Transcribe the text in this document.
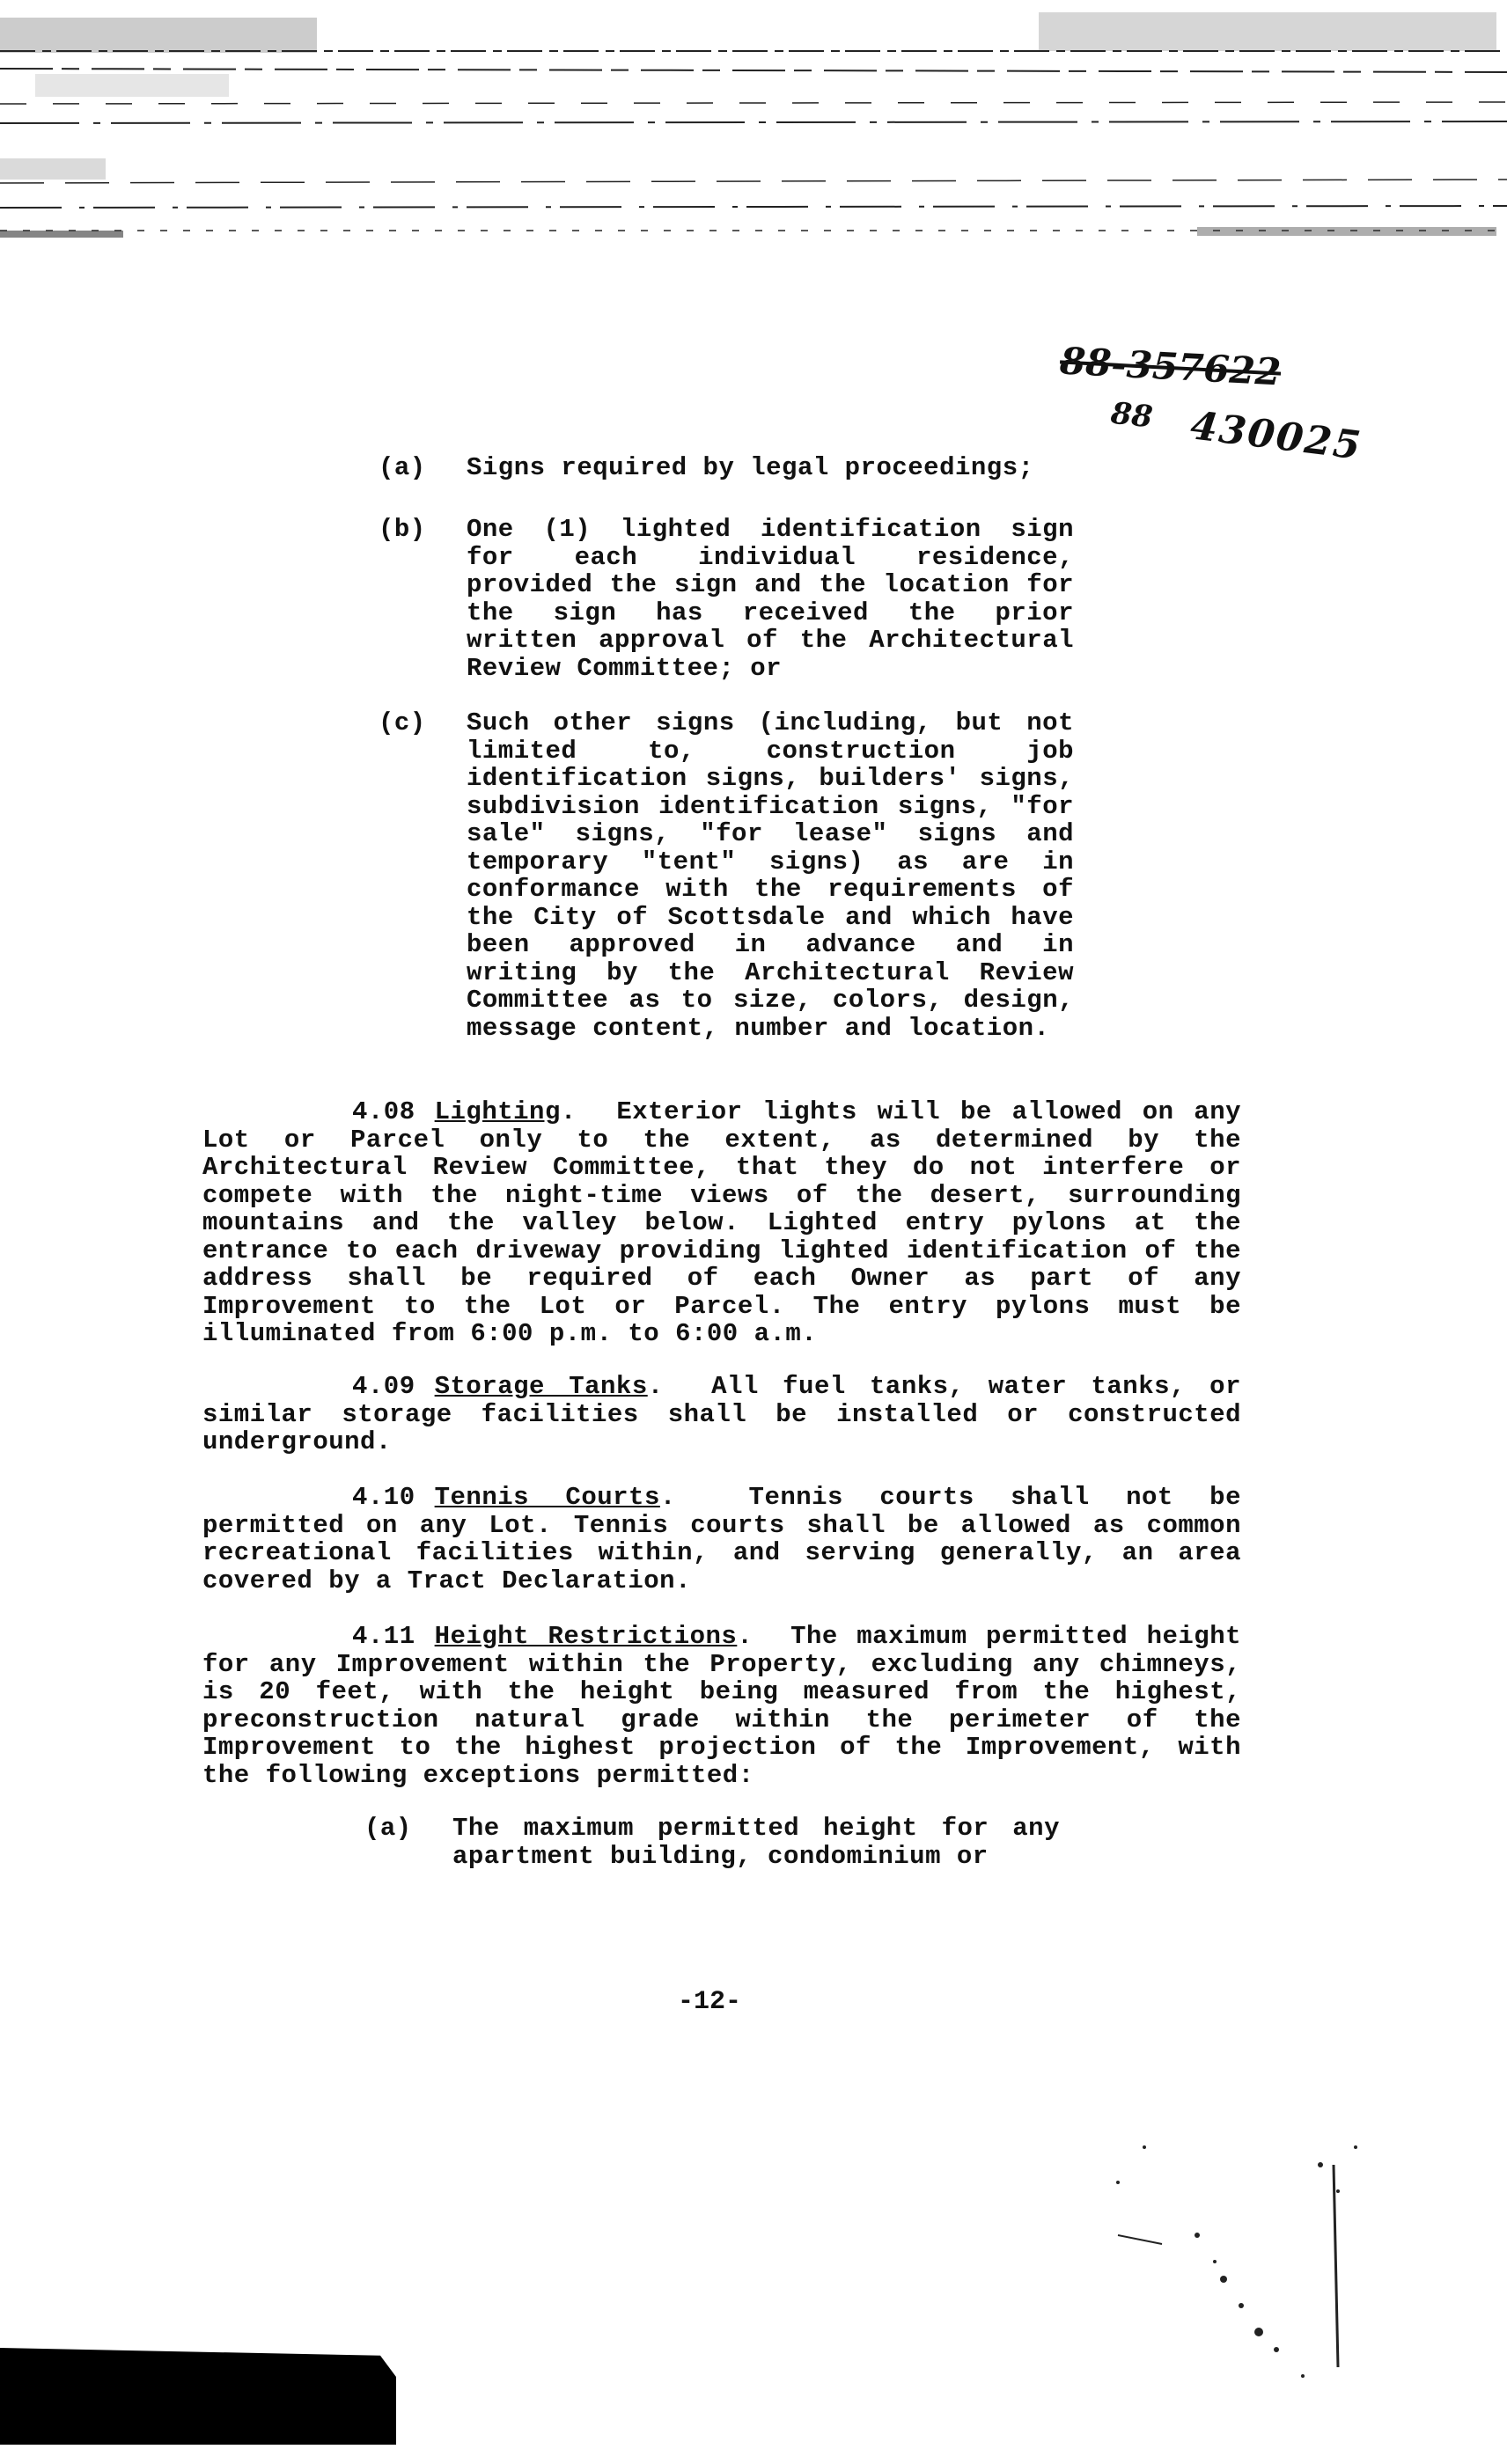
88-357622
88 430025
(a) Signs required by legal proceedings;
(b) One (1) lighted identification sign for each individual residence, provided the sign and the location for the sign has received the prior written approval of the Architectural Review Committee; or
(c) Such other signs (including, but not limited to, construction job identification signs, builders' signs, subdivision identification signs, "for sale" signs, "for lease" signs and temporary "tent" signs) as are in conformance with the requirements of the City of Scottsdale and which have been approved in advance and in writing by the Architectural Review Committee as to size, colors, design, message content, number and location.
4.08 Lighting.  Exterior lights will be allowed on any Lot or Parcel only to the extent, as determined by the Architectural Review Committee, that they do not interfere or compete with the night-time views of the desert, surrounding mountains and the valley below. Lighted entry pylons at the entrance to each driveway providing lighted identification of the address shall be required of each Owner as part of any Improvement to the Lot or Parcel. The entry pylons must be illuminated from 6:00 p.m. to 6:00 a.m.
4.09 Storage Tanks.  All fuel tanks, water tanks, or similar storage facilities shall be installed or constructed underground.
4.10 Tennis Courts.  Tennis courts shall not be permitted on any Lot. Tennis courts shall be allowed as common recreational facilities within, and serving generally, an area covered by a Tract Declaration.
4.11 Height Restrictions.  The maximum permitted height for any Improvement within the Property, excluding any chimneys, is 20 feet, with the height being measured from the highest, preconstruction natural grade within the perimeter of the Improvement to the highest projection of the Improvement, with the following exceptions permitted:
(a) The maximum permitted height for any apartment building, condominium or
-12-
